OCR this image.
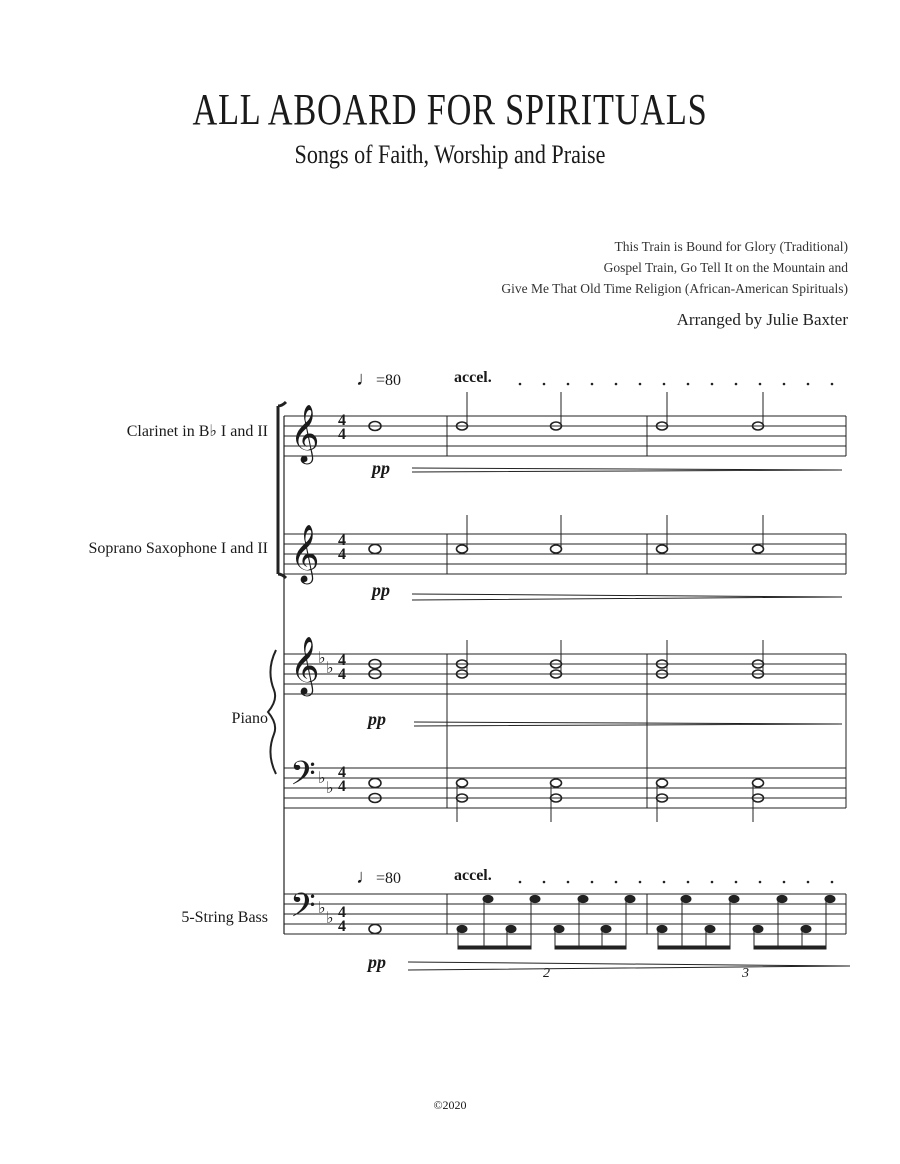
ALL ABOARD FOR SPIRITUALS
Songs of Faith, Worship and Praise
This Train is Bound for Glory (Traditional)
Gospel Train, Go Tell It on the Mountain and
Give Me That Old Time Religion (African-American Spirituals)
Arranged by Julie Baxter
Clarinet in B♭ I and II
Soprano Saxophone I and II
Piano
5-String Bass
♩=80
♩=80
accel.
accel.
pp
pp
pp
pp
2	3
𝄞
𝄞
𝄞
𝄢
𝄢
♭
♭
♭
♭
♭
♭
4
4
4
4
4
4
4
4
4
4
©2020
